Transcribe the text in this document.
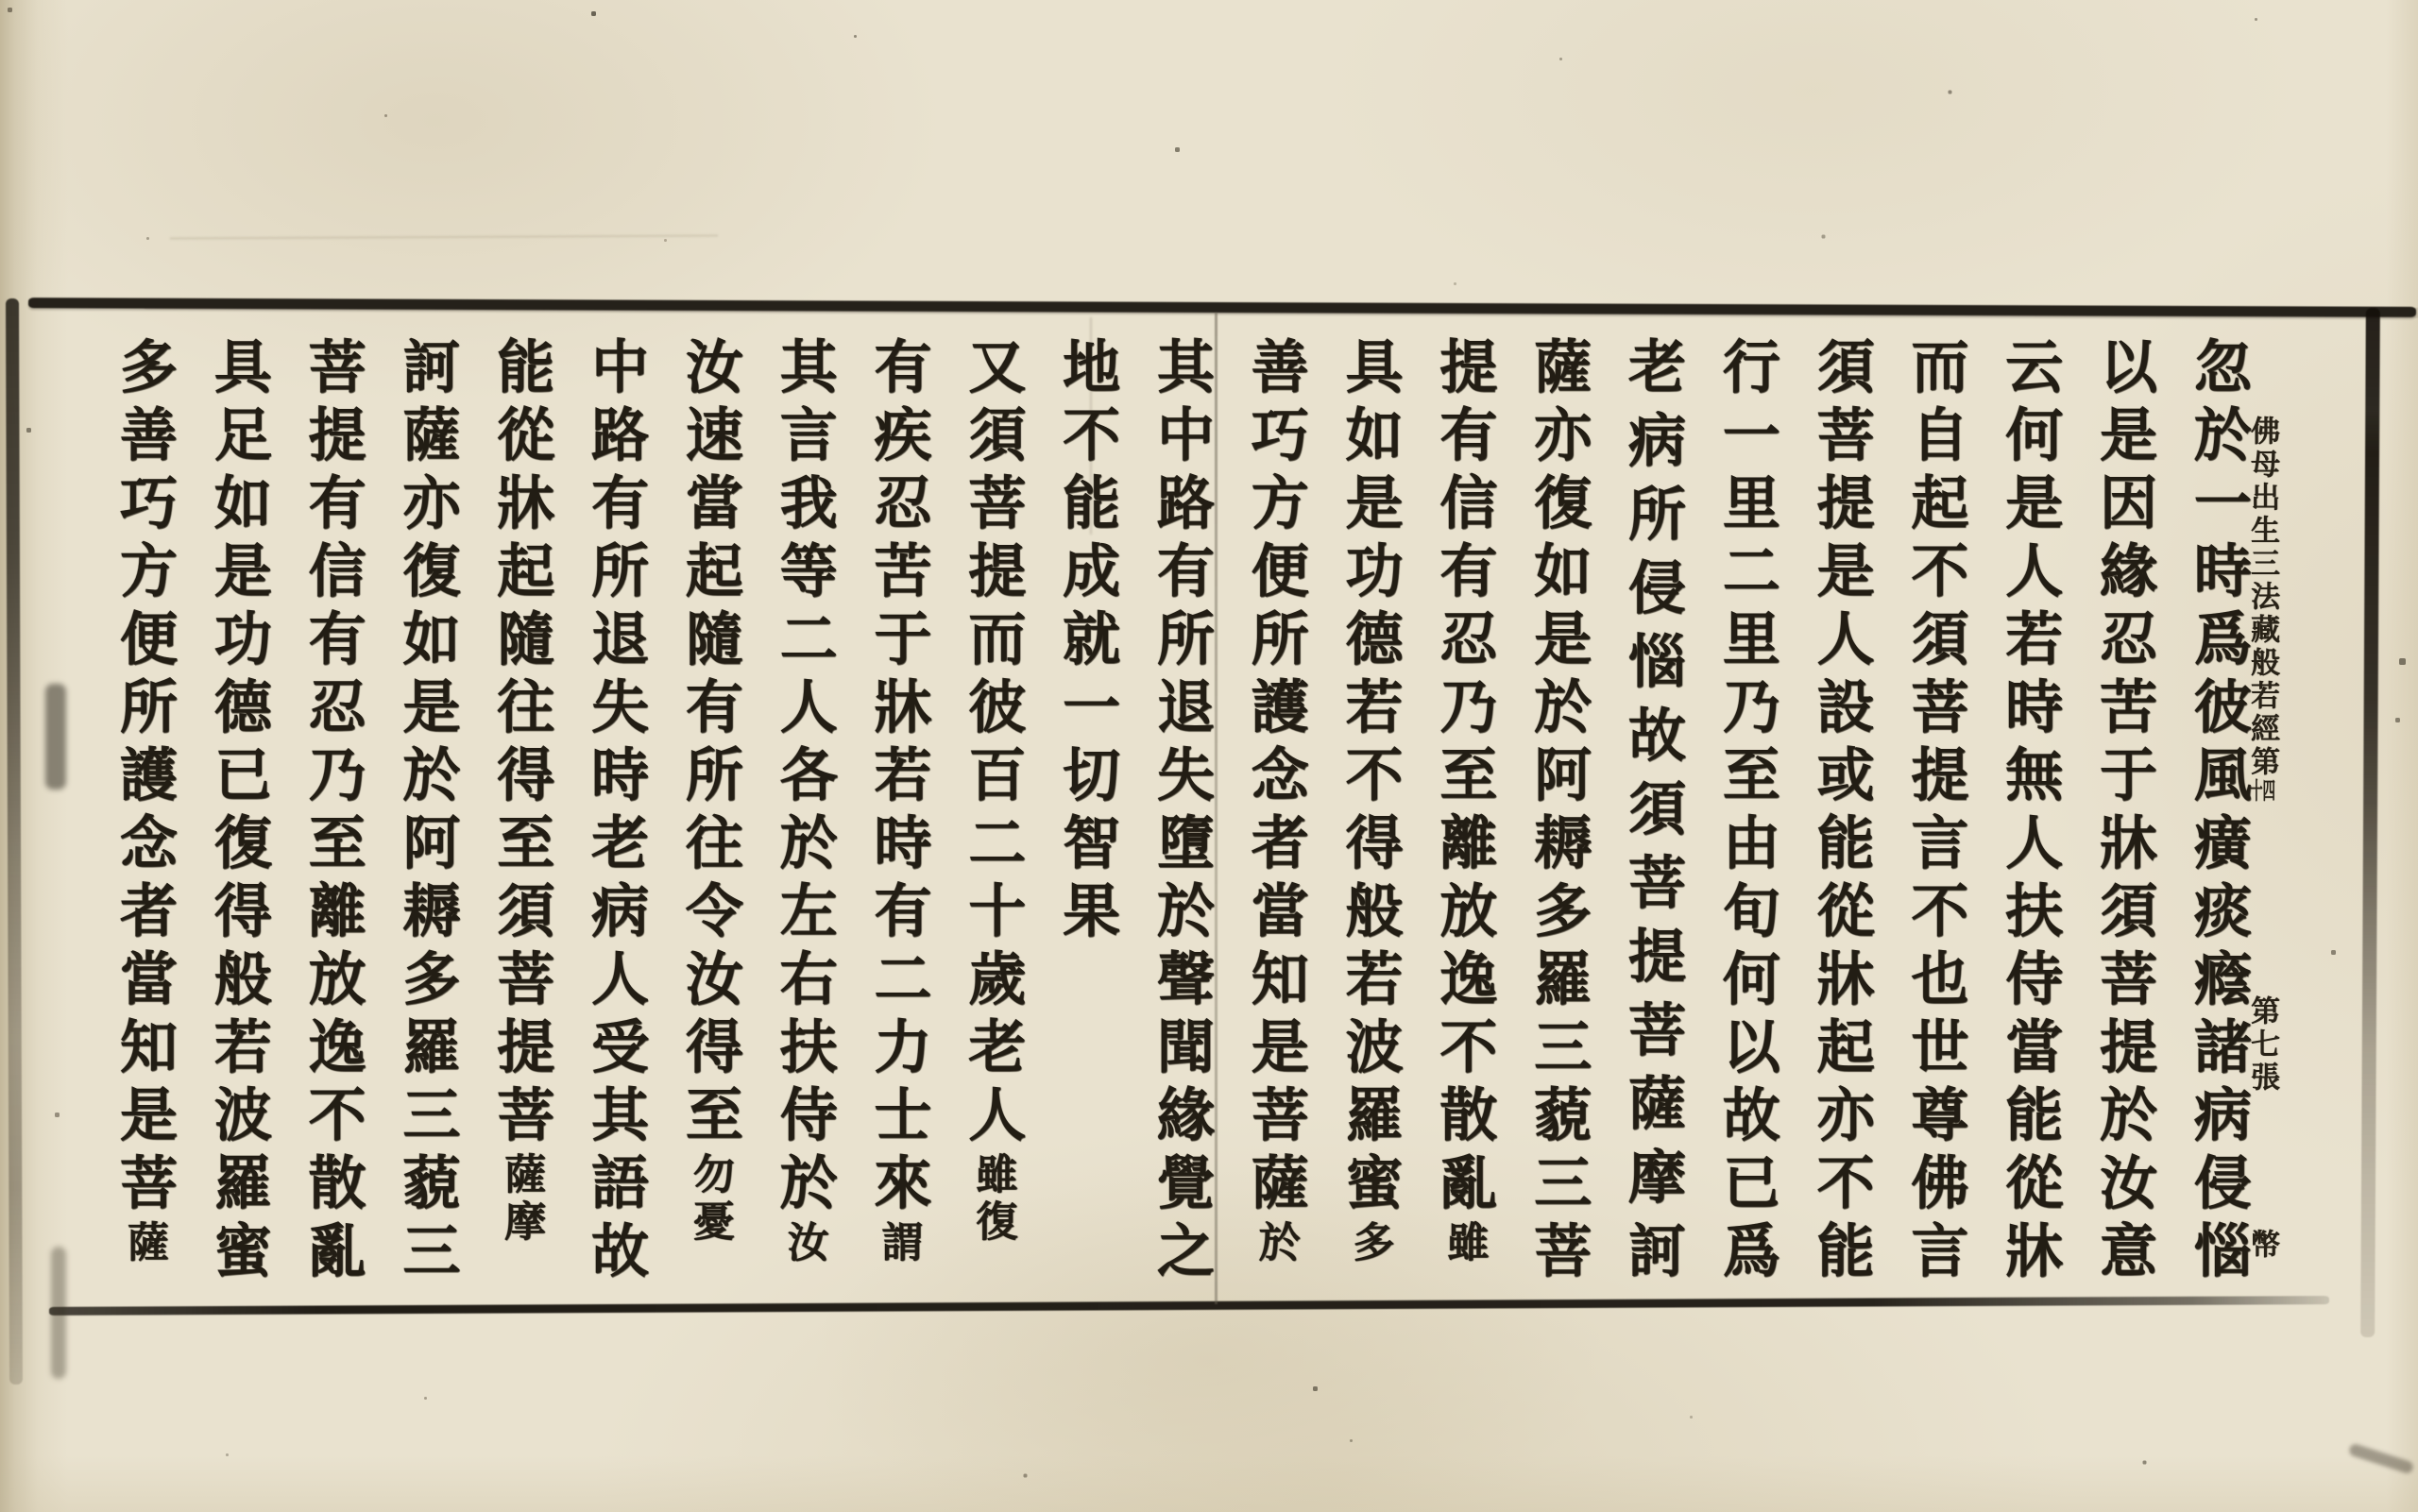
佛母出生三法藏般若經第十四第七張幣
忽於一時爲彼風癀痰癊諸病侵惱
以是因緣忍苦于牀須菩提於汝意
云何是人若時無人扶侍當能從牀
而自起不須菩提言不也世尊佛言
須菩提是人設或能從牀起亦不能
行一里二里乃至由旬何以故已爲
老病所侵惱故須菩提菩薩摩訶
薩亦復如是於阿耨多羅三藐三菩
提有信有忍乃至離放逸不散亂雖
具如是功德若不得般若波羅蜜多
善巧方便所護念者當知是菩薩於
其中路有所退失墮於聲聞緣覺之
地不能成就一切智果
又須菩提而彼百二十歲老人雖復
有疾忍苦于牀若時有二力士來謂
其言我等二人各於左右扶侍於汝
汝速當起隨有所往令汝得至勿憂
中路有所退失時老病人受其語故
能從牀起隨往得至須菩提菩薩摩
訶薩亦復如是於阿耨多羅三藐三
菩提有信有忍乃至離放逸不散亂
具足如是功德已復得般若波羅蜜
多善巧方便所護念者當知是菩薩
